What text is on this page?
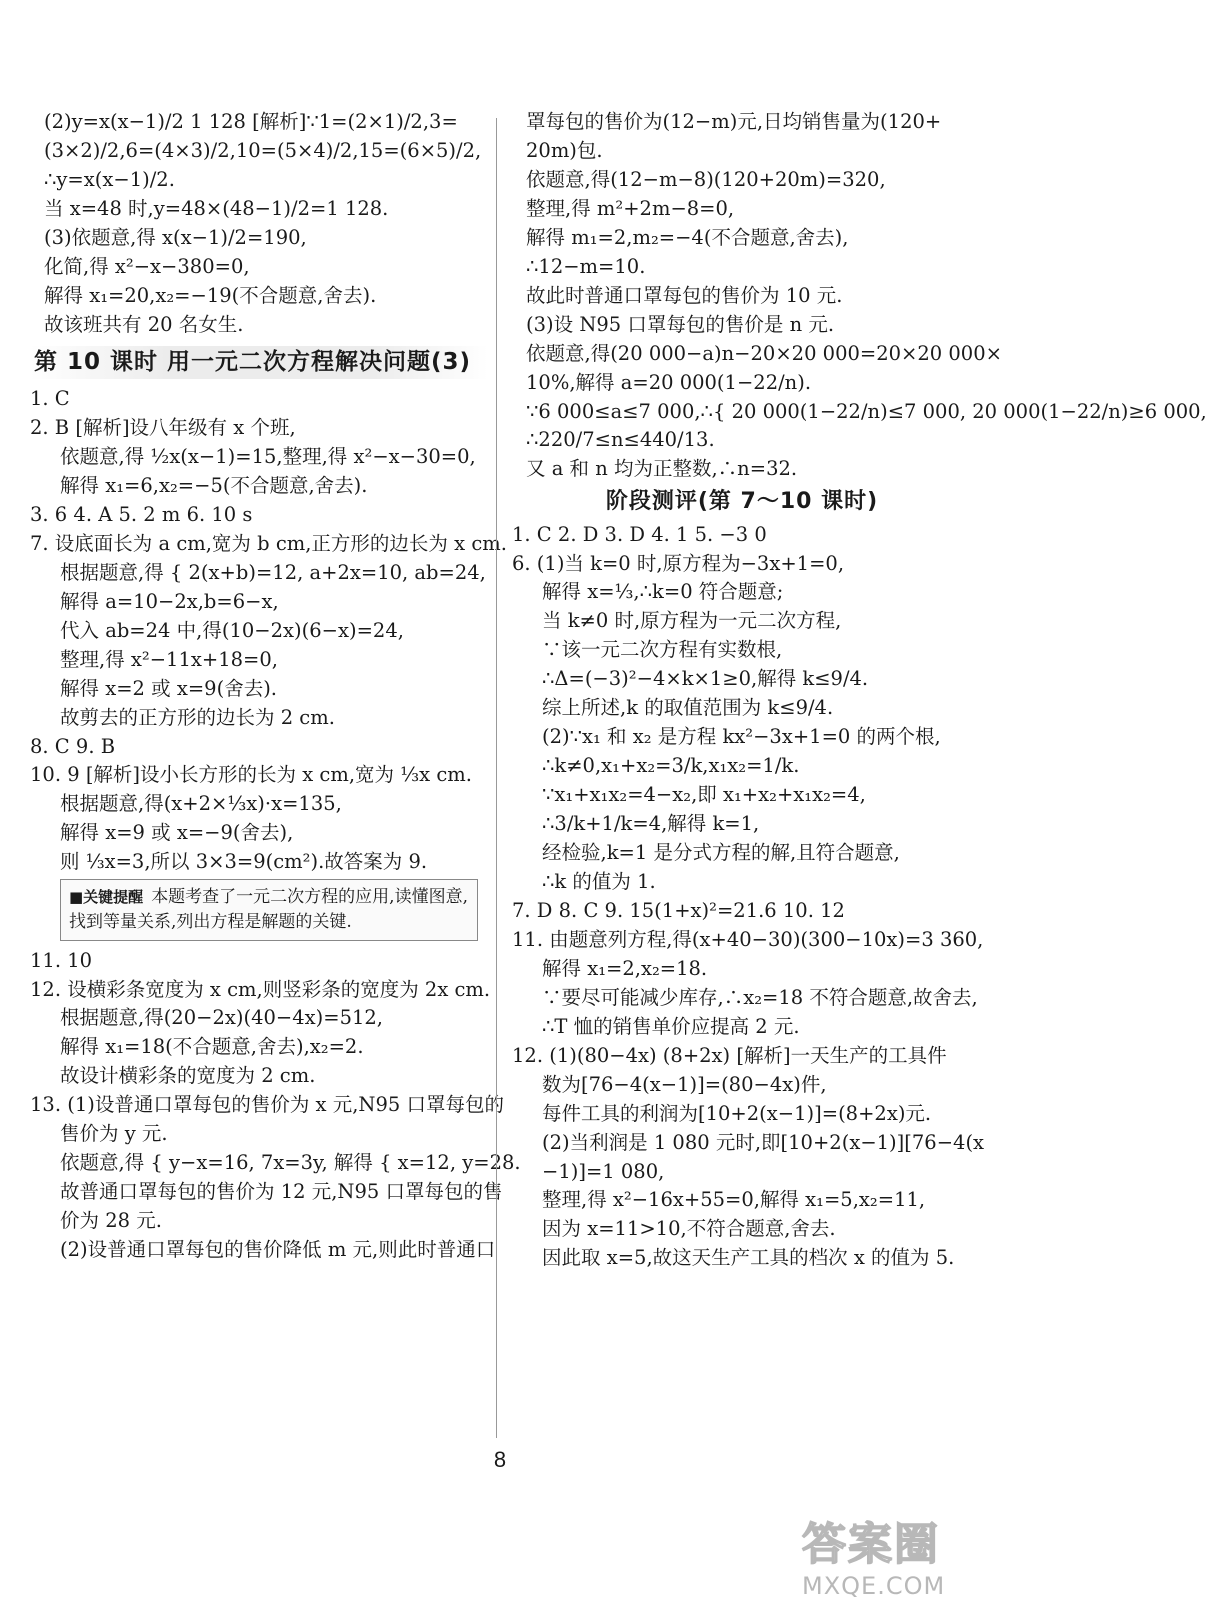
(2)y=x(x−1)/2 1 128 [解析]∵1=(2×1)/2,3=
(3×2)/2,6=(4×3)/2,10=(5×4)/2,15=(6×5)/2,
∴y=x(x−1)/2.
当 x=48 时,y=48×(48−1)/2=1 128.
(3)依题意,得 x(x−1)/2=190,
化简,得 x²−x−380=0,
解得 x₁=20,x₂=−19(不合题意,舍去).
故该班共有 20 名女生.
第 10 课时 用一元二次方程解决问题(3)
1. C
2. B [解析]设八年级有 x 个班,
依题意,得 ½x(x−1)=15,整理,得 x²−x−30=0,
解得 x₁=6,x₂=−5(不合题意,舍去).
3. 6 4. A 5. 2 m 6. 10 s
7. 设底面长为 a cm,宽为 b cm,正方形的边长为 x cm.
根据题意,得 { 2(x+b)=12, a+2x=10, ab=24,
解得 a=10−2x,b=6−x,
代入 ab=24 中,得(10−2x)(6−x)=24,
整理,得 x²−11x+18=0,
解得 x=2 或 x=9(舍去).
故剪去的正方形的边长为 2 cm.
8. C 9. B
10. 9 [解析]设小长方形的长为 x cm,宽为 ⅓x cm.
根据题意,得(x+2×⅓x)·x=135,
解得 x=9 或 x=−9(舍去),
则 ⅓x=3,所以 3×3=9(cm²).故答案为 9.
■关键提醒 本题考查了一元二次方程的应用,读懂图意,找到等量关系,列出方程是解题的关键.
11. 10
12. 设横彩条宽度为 x cm,则竖彩条的宽度为 2x cm.
根据题意,得(20−2x)(40−4x)=512,
解得 x₁=18(不合题意,舍去),x₂=2.
故设计横彩条的宽度为 2 cm.
13. (1)设普通口罩每包的售价为 x 元,N95 口罩每包的
售价为 y 元.
依题意,得 { y−x=16, 7x=3y, 解得 { x=12, y=28.
故普通口罩每包的售价为 12 元,N95 口罩每包的售
价为 28 元.
(2)设普通口罩每包的售价降低 m 元,则此时普通口
罩每包的售价为(12−m)元,日均销售量为(120+
20m)包.
依题意,得(12−m−8)(120+20m)=320,
整理,得 m²+2m−8=0,
解得 m₁=2,m₂=−4(不合题意,舍去),
∴12−m=10.
故此时普通口罩每包的售价为 10 元.
(3)设 N95 口罩每包的售价是 n 元.
依题意,得(20 000−a)n−20×20 000=20×20 000×
10%,解得 a=20 000(1−22/n).
∵6 000≤a≤7 000,∴{ 20 000(1−22/n)≤7 000, 20 000(1−22/n)≥6 000,
∴220/7≤n≤440/13.
又 a 和 n 均为正整数,∴n=32.
阶段测评(第 7～10 课时)
1. C 2. D 3. D 4. 1 5. −3 0
6. (1)当 k=0 时,原方程为−3x+1=0,
解得 x=⅓,∴k=0 符合题意;
当 k≠0 时,原方程为一元二次方程,
∵该一元二次方程有实数根,
∴Δ=(−3)²−4×k×1≥0,解得 k≤9/4.
综上所述,k 的取值范围为 k≤9/4.
(2)∵x₁ 和 x₂ 是方程 kx²−3x+1=0 的两个根,
∴k≠0,x₁+x₂=3/k,x₁x₂=1/k.
∵x₁+x₁x₂=4−x₂,即 x₁+x₂+x₁x₂=4,
∴3/k+1/k=4,解得 k=1,
经检验,k=1 是分式方程的解,且符合题意,
∴k 的值为 1.
7. D 8. C 9. 15(1+x)²=21.6 10. 12
11. 由题意列方程,得(x+40−30)(300−10x)=3 360,
解得 x₁=2,x₂=18.
∵要尽可能减少库存,∴x₂=18 不符合题意,故舍去,
∴T 恤的销售单价应提高 2 元.
12. (1)(80−4x) (8+2x) [解析]一天生产的工具件
数为[76−4(x−1)]=(80−4x)件,
每件工具的利润为[10+2(x−1)]=(8+2x)元.
(2)当利润是 1 080 元时,即[10+2(x−1)][76−4(x
−1)]=1 080,
整理,得 x²−16x+55=0,解得 x₁=5,x₂=11,
因为 x=11>10,不符合题意,舍去.
因此取 x=5,故这天生产工具的档次 x 的值为 5.
8
答案圈
MXQE.COM
